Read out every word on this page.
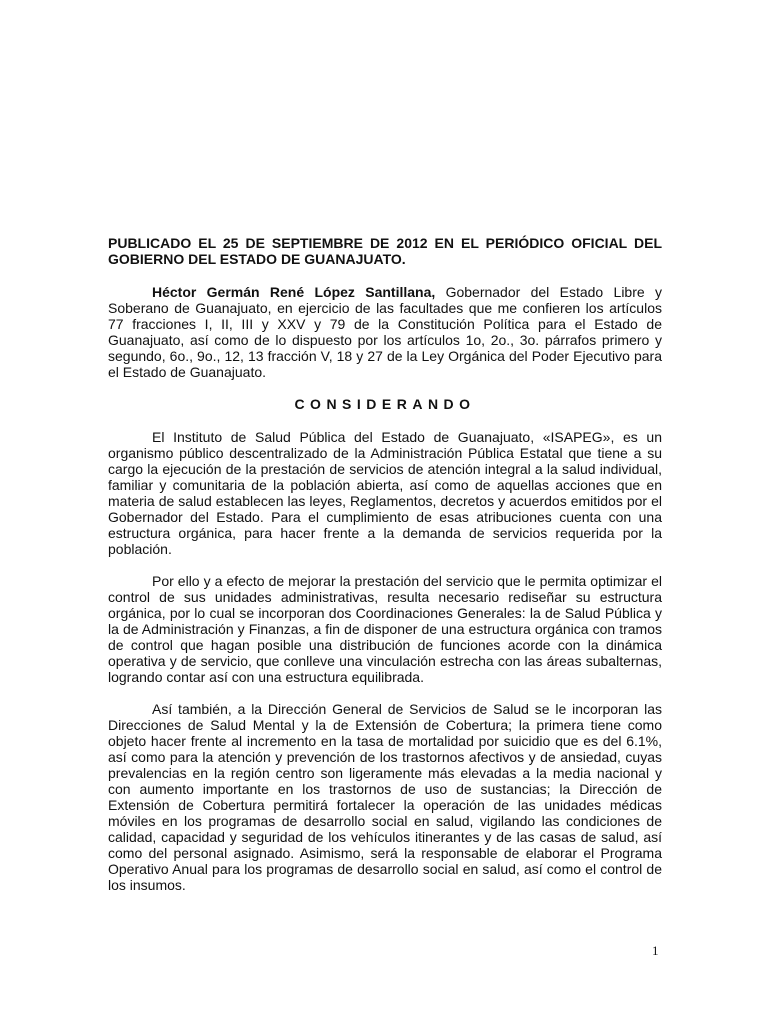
PUBLICADO EL 25 DE SEPTIEMBRE DE 2012 EN EL PERIÓDICO OFICIAL DEL GOBIERNO DEL ESTADO DE GUANAJUATO.

Héctor Germán René López Santillana, Gobernador del Estado Libre y Soberano de Guanajuato, en ejercicio de las facultades que me confieren los artículos 77 fracciones I, II, III y XXV y 79 de la Constitución Política para el Estado de Guanajuato, así como de lo dispuesto por los artículos 1o, 2o., 3o. párrafos primero y segundo, 6o., 9o., 12, 13 fracción V, 18 y 27 de la Ley Orgánica del Poder Ejecutivo para el Estado de Guanajuato.

CONSIDERANDO

El Instituto de Salud Pública del Estado de Guanajuato, «ISAPEG», es un organismo público descentralizado de la Administración Pública Estatal que tiene a su cargo la ejecución de la prestación de servicios de atención integral a la salud individual, familiar y comunitaria de la población abierta, así como de aquellas acciones que en materia de salud establecen las leyes, Reglamentos, decretos y acuerdos emitidos por el Gobernador del Estado. Para el cumplimiento de esas atribuciones cuenta con una estructura orgánica, para hacer frente a la demanda de servicios requerida por la población.

Por ello y a efecto de mejorar la prestación del servicio que le permita optimizar el control de sus unidades administrativas, resulta necesario rediseñar su estructura orgánica, por lo cual se incorporan dos Coordinaciones Generales: la de Salud Pública y la de Administración y Finanzas, a fin de disponer de una estructura orgánica con tramos de control que hagan posible una distribución de funciones acorde con la dinámica operativa y de servicio, que conlleve una vinculación estrecha con las áreas subalternas, logrando contar así con una estructura equilibrada.

Así también, a la Dirección General de Servicios de Salud se le incorporan las Direcciones de Salud Mental y la de Extensión de Cobertura; la primera tiene como objeto hacer frente al incremento en la tasa de mortalidad por suicidio que es del 6.1%, así como para la atención y prevención de los trastornos afectivos y de ansiedad, cuyas prevalencias en la región centro son ligeramente más elevadas a la media nacional y con aumento importante en los trastornos de uso de sustancias; la Dirección de Extensión de Cobertura permitirá fortalecer la operación de las unidades médicas móviles en los programas de desarrollo social en salud, vigilando las condiciones de calidad, capacidad y seguridad de los vehículos itinerantes y de las casas de salud, así como del personal asignado. Asimismo, será la responsable de elaborar el Programa Operativo Anual para los programas de desarrollo social en salud, así como el control de los insumos.

1
